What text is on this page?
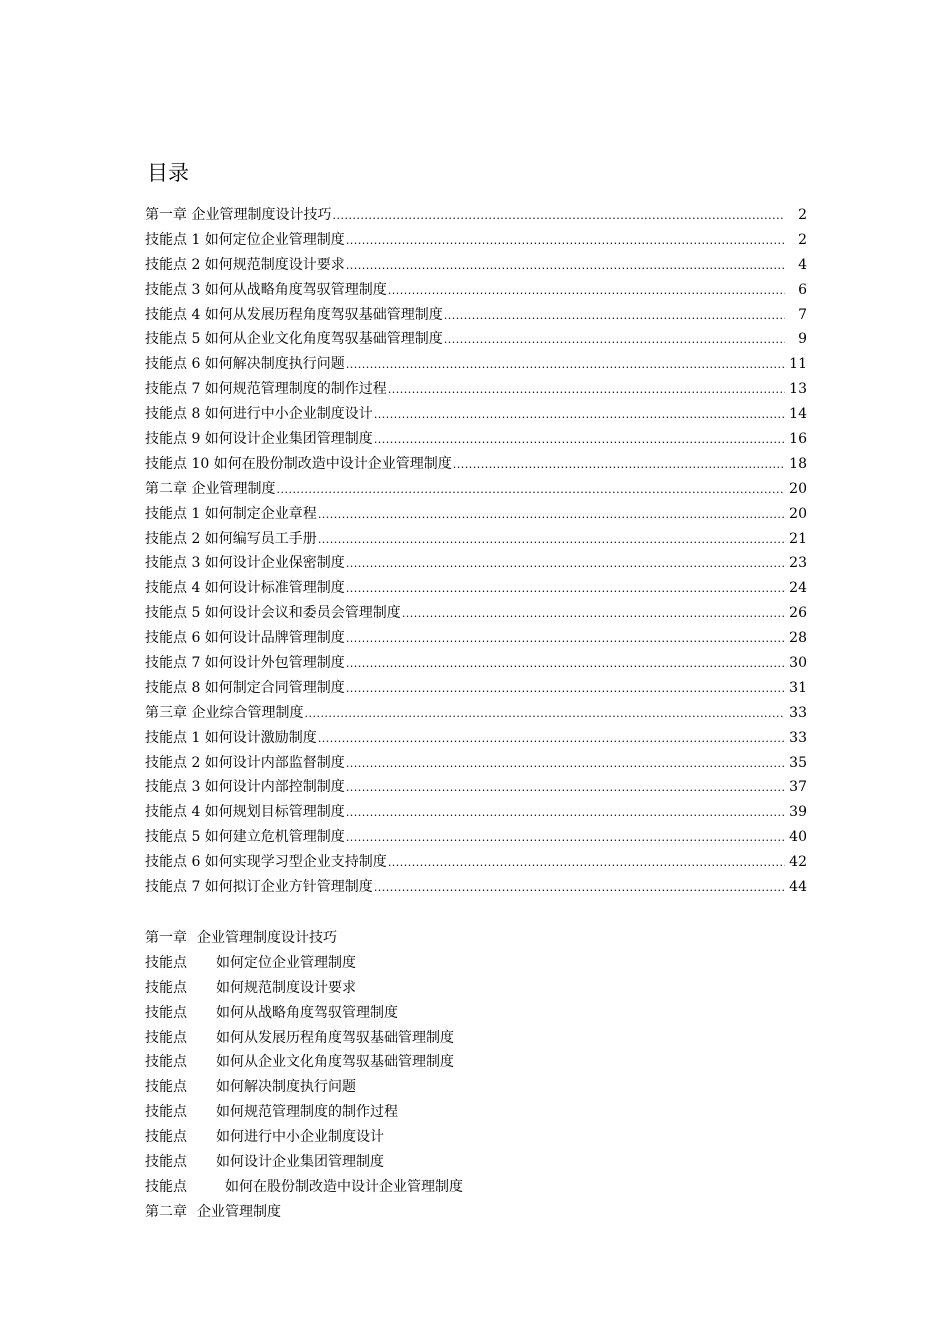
目录
第一章 企业管理制度设计技巧 .....	2
技能点 1 如何定位企业管理制度 .....	2
技能点 2 如何规范制度设计要求 .....	4
技能点 3 如何从战略角度驾驭管理制度 .....	6
技能点 4 如何从发展历程角度驾驭基础管理制度 .....	7
技能点 5 如何从企业文化角度驾驭基础管理制度 .....	9
技能点 6 如何解决制度执行问题 .....	11
技能点 7 如何规范管理制度的制作过程 .....	13
技能点 8 如何进行中小企业制度设计 .....	14
技能点 9 如何设计企业集团管理制度 .....	16
技能点 10 如何在股份制改造中设计企业管理制度 .....	18
第二章 企业管理制度 .....	20
技能点 1 如何制定企业章程 .....	20
技能点 2 如何编写员工手册 .....	21
技能点 3 如何设计企业保密制度 .....	23
技能点 4 如何设计标准管理制度 .....	24
技能点 5 如何设计会议和委员会管理制度 .....	26
技能点 6 如何设计品牌管理制度 .....	28
技能点 7 如何设计外包管理制度 .....	30
技能点 8 如何制定合同管理制度 .....	31
第三章 企业综合管理制度 .....	33
技能点 1 如何设计激励制度 .....	33
技能点 2 如何设计内部监督制度 .....	35
技能点 3 如何设计内部控制制度 .....	37
技能点 4 如何规划目标管理制度 .....	39
技能点 5 如何建立危机管理制度 .....	40
技能点 6 如何实现学习型企业支持制度 .....	42
技能点 7 如何拟订企业方针管理制度 .....	44
第一章 企业管理制度设计技巧
技能点 如何定位企业管理制度
技能点 如何规范制度设计要求
技能点 如何从战略角度驾驭管理制度
技能点 如何从发展历程角度驾驭基础管理制度
技能点 如何从企业文化角度驾驭基础管理制度
技能点 如何解决制度执行问题
技能点 如何规范管理制度的制作过程
技能点 如何进行中小企业制度设计
技能点 如何设计企业集团管理制度
技能点	如何在股份制改造中设计企业管理制度
第二章 企业管理制度
